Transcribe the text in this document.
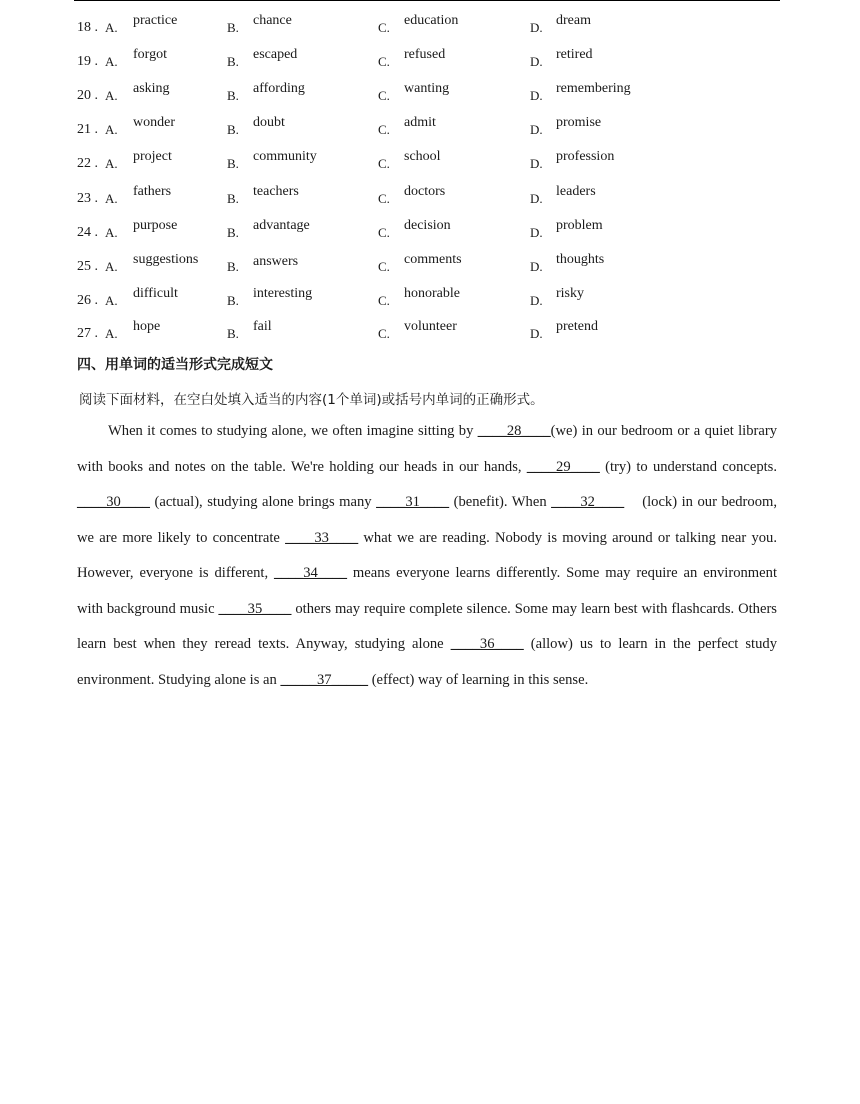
18 . A. practice	B. chance	C. education	D. dream
19 . A. forgot	B. escaped	C. refused	D. retired
20 . A. asking	B. affording	C. wanting	D. remembering
21 . A. wonder	B. doubt	C. admit	D. promise
22 . A. project	B. community	C. school	D. profession
23 . A. fathers	B. teachers	C. doctors	D. leaders
24 . A. purpose	B. advantage	C. decision	D. problem
25 . A. suggestions B. answers	C. comments	D. thoughts
26 . A. difficult	B. interesting	C. honorable	D. risky
27 . A. hope	B. fail	C. volunteer	D. pretend
四、用单词的适当形式完成短文
阅读下面材料，在空白处填入适当的内容(1个单词)或括号内单词的正确形式。

When it comes to studying alone, we often imagine sitting by ____28____(we) in our bedroom or a quiet library with books and notes on the table. We're holding our heads in our hands, ____29____ (try) to understand concepts. ____30____ (actual), studying alone brings many ____31____ (benefit). When ____32____    (lock) in our bedroom, we are more likely to concentrate ____33____ what we are reading. Nobody is moving around or talking near you. However, everyone is different, ____34____ means everyone learns differently. Some may require an environment with background music ____35____ others may require complete silence. Some may learn best with flashcards. Others learn best when they reread texts. Anyway, studying alone ____36____ (allow) us to learn in the perfect study environment. Studying alone is an _____37_____ (effect) way of learning in this sense.
